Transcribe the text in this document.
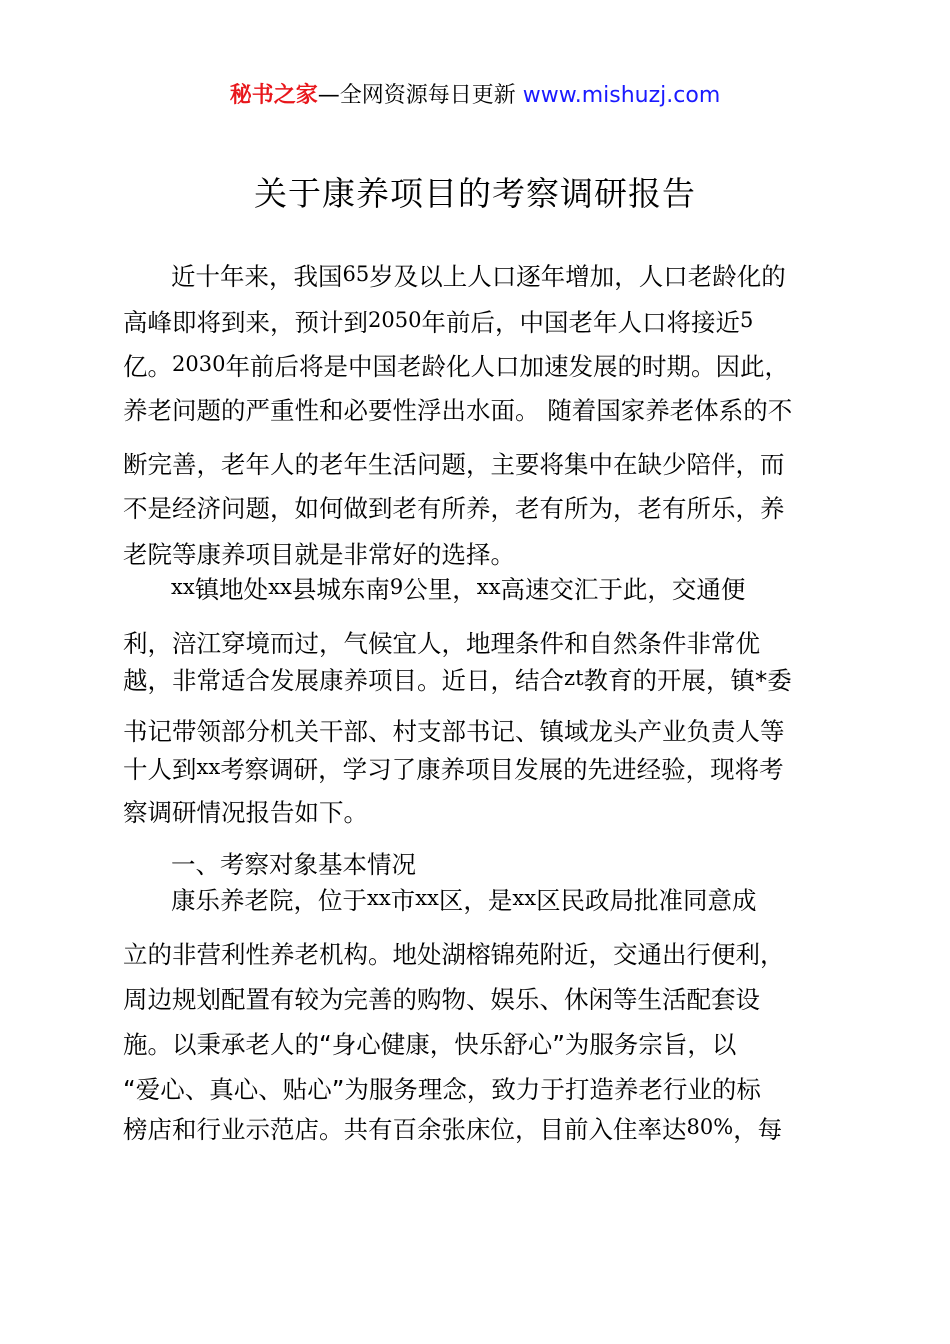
秘书之家—全网资源每日更新 www.mishuzj.com
关于康养项目的考察调研报告
近十年来，我国65岁及以上人口逐年增加，人口老龄化的
高峰即将到来，预计到2050年前后，中国老年人口将接近5
亿。2030年前后将是中国老龄化人口加速发展的时期。因此，
养老问题的严重性和必要性浮出水面。 随着国家养老体系的不
断完善，老年人的老年生活问题，主要将集中在缺少陪伴，而
不是经济问题，如何做到老有所养，老有所为，老有所乐，养
老院等康养项目就是非常好的选择。
xx镇地处xx县城东南9公里，xx高速交汇于此，交通便
利，涪江穿境而过，气候宜人，地理条件和自然条件非常优
越，非常适合发展康养项目。近日，结合zt教育的开展，镇*委
书记带领部分机关干部、村支部书记、镇域龙头产业负责人等
十人到xx考察调研，学习了康养项目发展的先进经验，现将考
察调研情况报告如下。
一、考察对象基本情况
康乐养老院，位于xx市xx区，是xx区民政局批准同意成
立的非营利性养老机构。地处湖榕锦苑附近，交通出行便利，
周边规划配置有较为完善的购物、娱乐、休闲等生活配套设
施。以秉承老人的“身心健康，快乐舒心”为服务宗旨，以
“爱心、真心、贴心”为服务理念，致力于打造养老行业的标
榜店和行业示范店。共有百余张床位，目前入住率达80%，每
